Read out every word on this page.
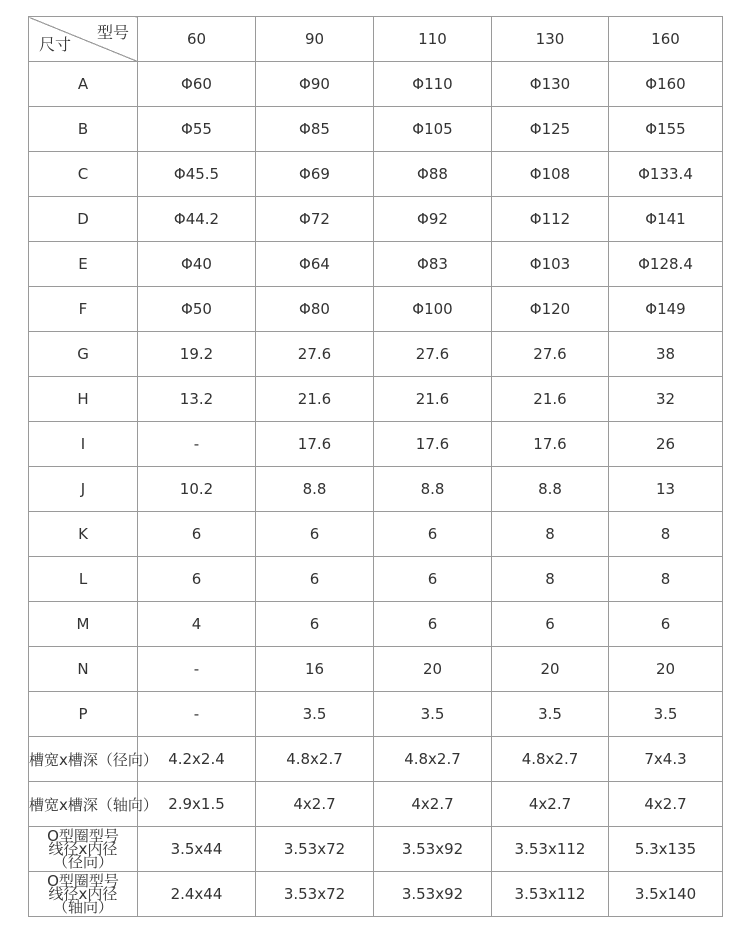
型号
尺寸	60	90	110	130	160
A	Φ60	Φ90	Φ110	Φ130	Φ160
B	Φ55	Φ85	Φ105	Φ125	Φ155
C	Φ45.5	Φ69	Φ88	Φ108	Φ133.4
D	Φ44.2	Φ72	Φ92	Φ112	Φ141
E	Φ40	Φ64	Φ83	Φ103	Φ128.4
F	Φ50	Φ80	Φ100	Φ120	Φ149
G	19.2	27.6	27.6	27.6	38
H	13.2	21.6	21.6	21.6	32
I	-	17.6	17.6	17.6	26
J	10.2	8.8	8.8	8.8	13
K	6	6	6	8	8
L	6	6	6	8	8
M	4	6	6	6	6
N	-	16	20	20	20
P	-	3.5	3.5	3.5	3.5
槽宽x槽深（径向）	4.2x2.4	4.8x2.7	4.8x2.7	4.8x2.7	7x4.3
槽宽x槽深（轴向）	2.9x1.5	4x2.7	4x2.7	4x2.7	4x2.7

O型圈型号
线径x内径
（径向）	3.5x44	3.53x72	3.53x92	3.53x112	5.3x135

O型圈型号
线径x内径
（轴向）	2.4x44	3.53x72	3.53x92	3.53x112	3.5x140
